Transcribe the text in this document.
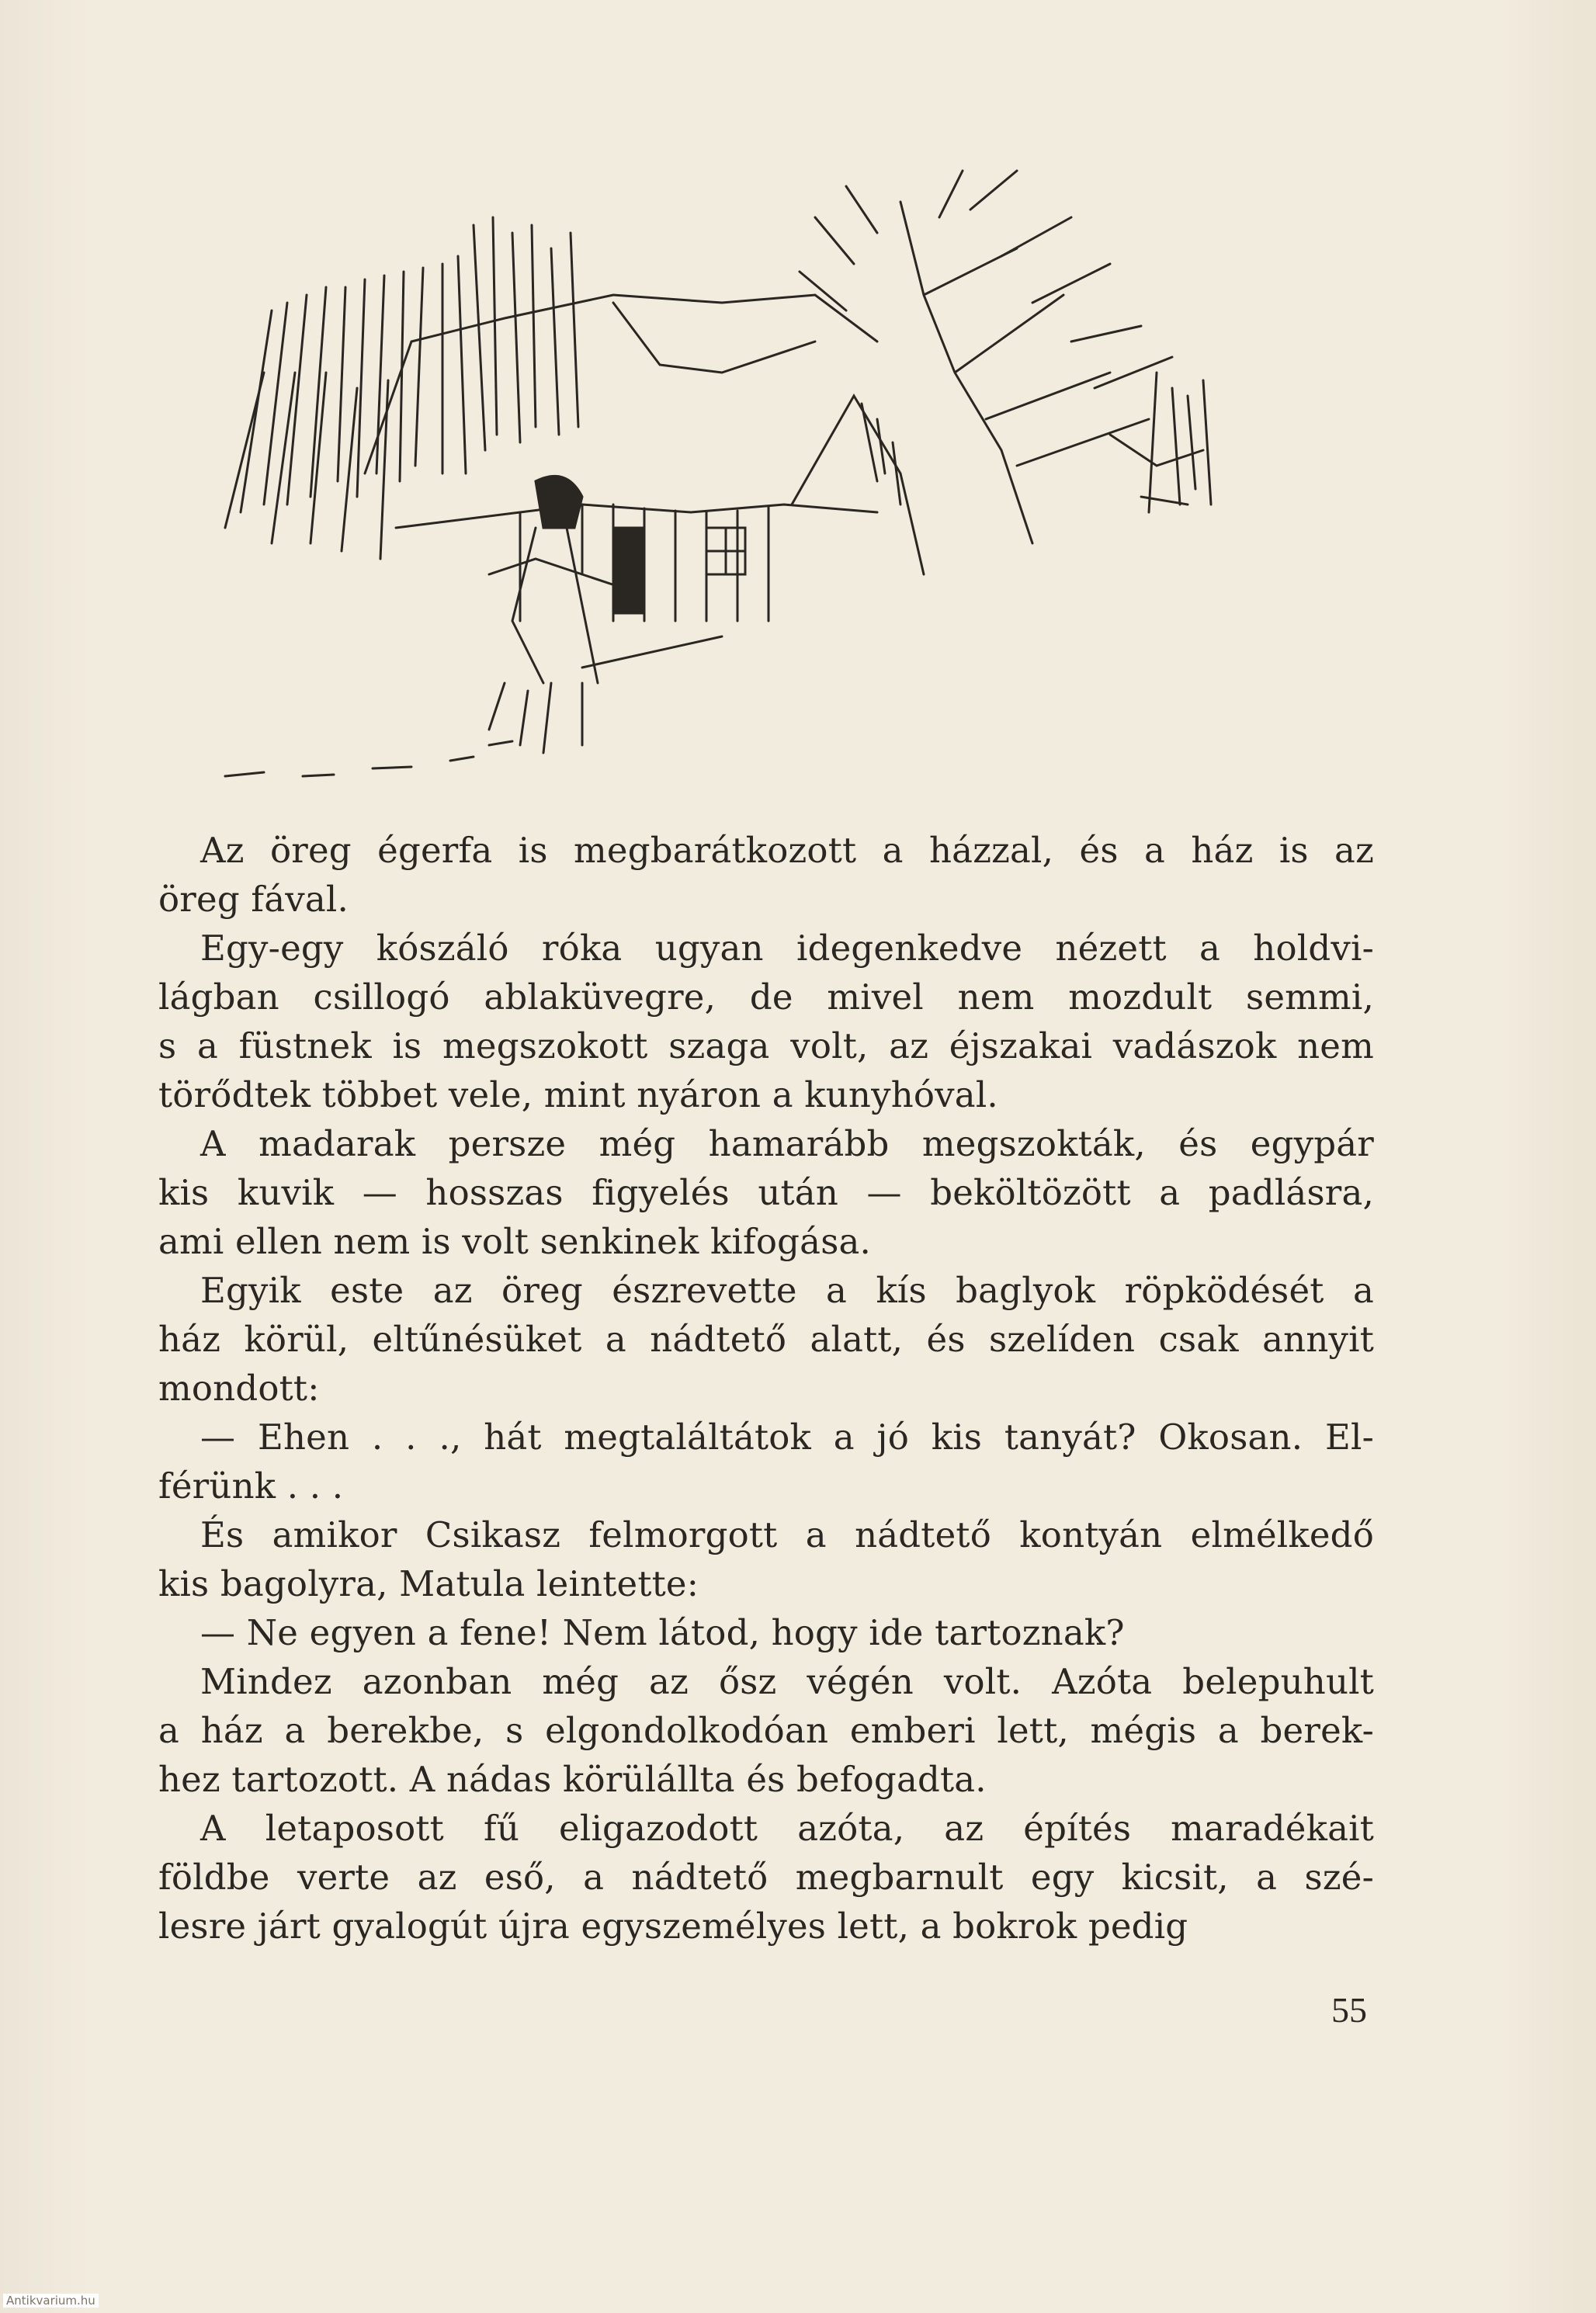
Az öreg égerfa is megbarátkozott a házzal, és a ház is az
öreg fával.
Egy-egy kószáló róka ugyan idegenkedve nézett a holdvi-
lágban csillogó ablaküvegre, de mivel nem mozdult semmi,
s a füstnek is megszokott szaga volt, az éjszakai vadászok nem
törődtek többet vele, mint nyáron a kunyhóval.
A madarak persze még hamarább megszokták, és egypár
kis kuvik — hosszas figyelés után — beköltözött a padlásra,
ami ellen nem is volt senkinek kifogása.
Egyik este az öreg észrevette a kís baglyok röpködését a
ház körül, eltűnésüket a nádtető alatt, és szelíden csak annyit
mondott:
— Ehen . . ., hát megtaláltátok a jó kis tanyát? Okosan. El-
férünk . . .
És amikor Csikasz felmorgott a nádtető kontyán elmélkedő
kis bagolyra, Matula leintette:
— Ne egyen a fene! Nem látod, hogy ide tartoznak?
Mindez azonban még az ősz végén volt. Azóta belepuhult
a ház a berekbe, s elgondolkodóan emberi lett, mégis a berek-
hez tartozott. A nádas körülállta és befogadta.
A letaposott fű eligazodott azóta, az építés maradékait
földbe verte az eső, a nádtető megbarnult egy kicsit, a szé-
lesre járt gyalogút újra egyszemélyes lett, a bokrok pedig
55
Antikvarium.hu
